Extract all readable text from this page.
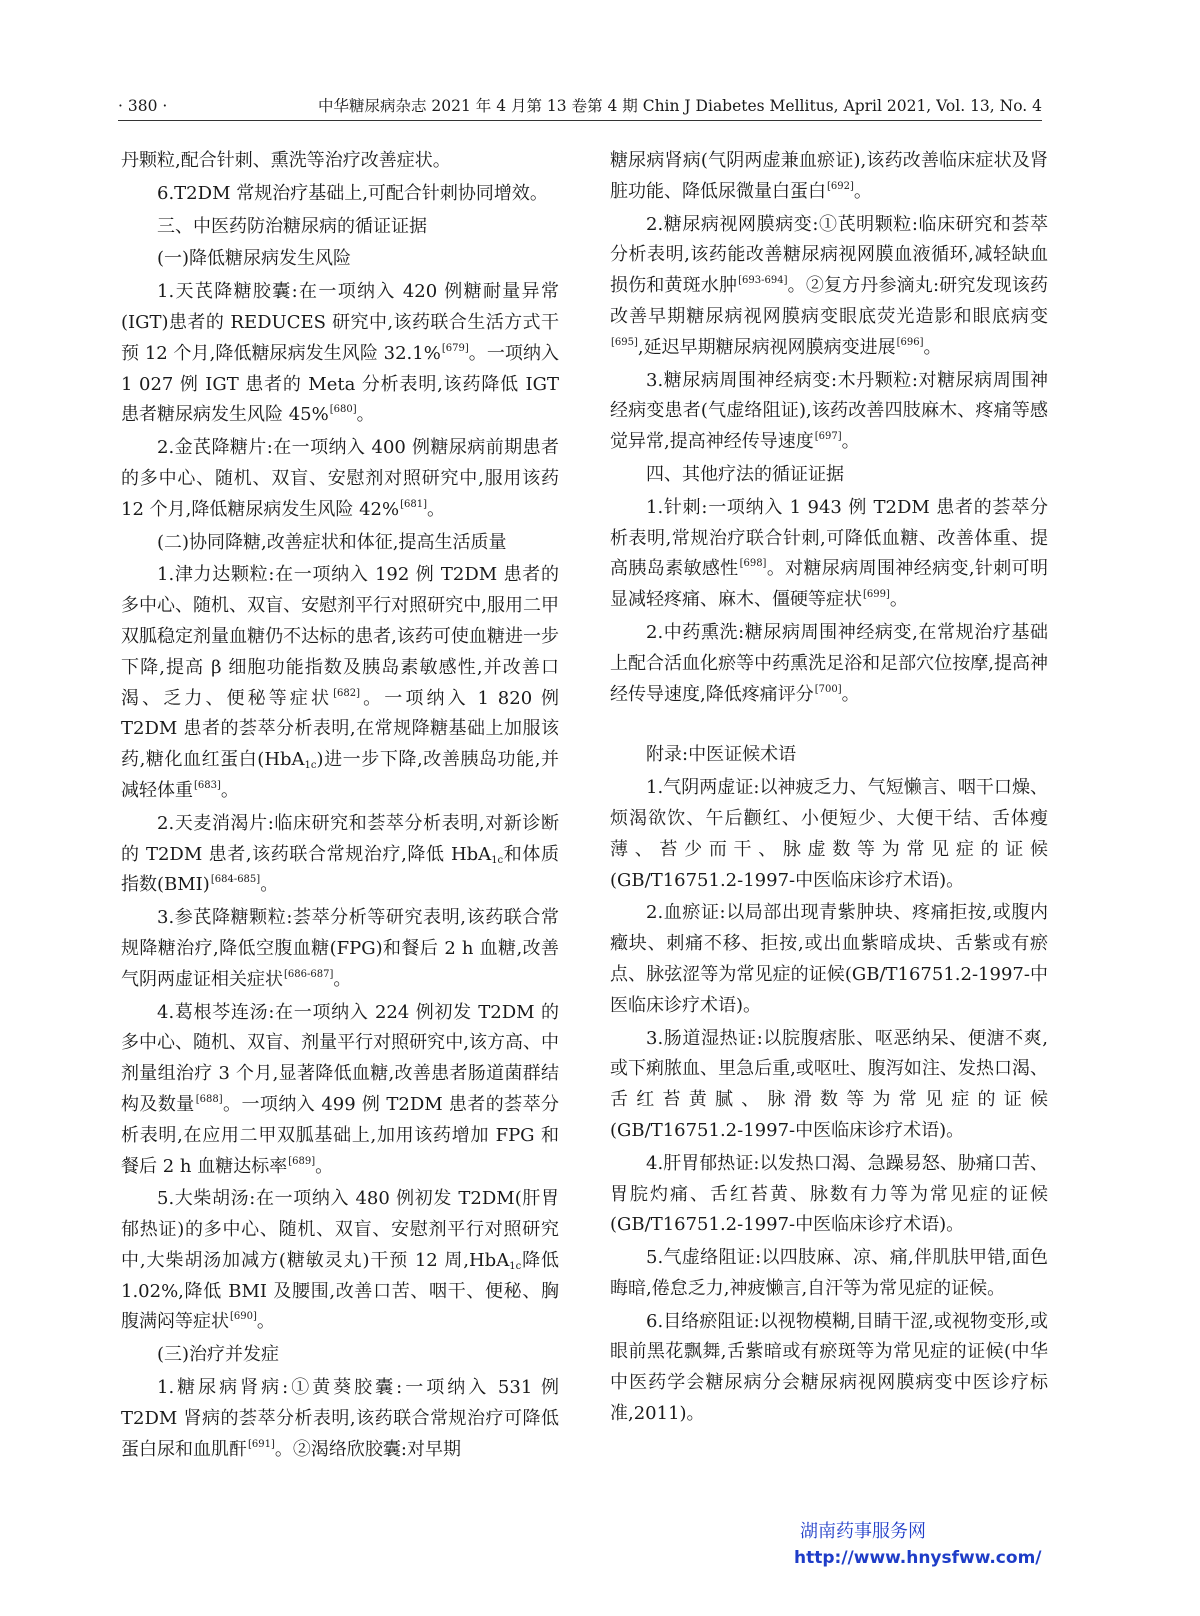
· 380 ·	中华糖尿病杂志 2021 年 4 月第 13 卷第 4 期 Chin J Diabetes Mellitus, April 2021, Vol. 13, No. 4

丹颗粒,配合针刺、熏洗等治疗改善症状。

6.T2DM 常规治疗基础上,可配合针刺协同增效。

三、中医药防治糖尿病的循证证据

(一)降低糖尿病发生风险

1.天芪降糖胶囊:在一项纳入 420 例糖耐量异常(IGT)患者的 REDUCES 研究中,该药联合生活方式干预 12 个月,降低糖尿病发生风险 32.1%[679]。一项纳入 1 027 例 IGT 患者的 Meta 分析表明,该药降低 IGT 患者糖尿病发生风险 45%[680]。

2.金芪降糖片:在一项纳入 400 例糖尿病前期患者的多中心、随机、双盲、安慰剂对照研究中,服用该药 12 个月,降低糖尿病发生风险 42%[681]。

(二)协同降糖,改善症状和体征,提高生活质量

1.津力达颗粒:在一项纳入 192 例 T2DM 患者的多中心、随机、双盲、安慰剂平行对照研究中,服用二甲双胍稳定剂量血糖仍不达标的患者,该药可使血糖进一步下降,提高 β 细胞功能指数及胰岛素敏感性,并改善口渴、乏力、便秘等症状[682]。一项纳入 1 820 例 T2DM 患者的荟萃分析表明,在常规降糖基础上加服该药,糖化血红蛋白(HbA$_{1c}$)进一步下降,改善胰岛功能,并减轻体重[683]。

2.天麦消渴片:临床研究和荟萃分析表明,对新诊断的 T2DM 患者,该药联合常规治疗,降低 HbA$_{1c}$和体质指数(BMI)[684-685]。

3.参芪降糖颗粒:荟萃分析等研究表明,该药联合常规降糖治疗,降低空腹血糖(FPG)和餐后 2 h 血糖,改善气阴两虚证相关症状[686-687]。

4.葛根芩连汤:在一项纳入 224 例初发 T2DM 的多中心、随机、双盲、剂量平行对照研究中,该方高、中剂量组治疗 3 个月,显著降低血糖,改善患者肠道菌群结构及数量[688]。一项纳入 499 例 T2DM 患者的荟萃分析表明,在应用二甲双胍基础上,加用该药增加 FPG 和餐后 2 h 血糖达标率[689]。

5.大柴胡汤:在一项纳入 480 例初发 T2DM(肝胃郁热证)的多中心、随机、双盲、安慰剂平行对照研究中,大柴胡汤加减方(糖敏灵丸)干预 12 周,HbA$_{1c}$降低 1.02%,降低 BMI 及腰围,改善口苦、咽干、便秘、胸腹满闷等症状[690]。

(三)治疗并发症

1.糖尿病肾病:①黄葵胶囊:一项纳入 531 例 T2DM 肾病的荟萃分析表明,该药联合常规治疗可降低蛋白尿和血肌酐[691]。②渴络欣胶囊:对早期

糖尿病肾病(气阴两虚兼血瘀证),该药改善临床症状及肾脏功能、降低尿微量白蛋白[692]。

2.糖尿病视网膜病变:①芪明颗粒:临床研究和荟萃分析表明,该药能改善糖尿病视网膜血液循环,减轻缺血损伤和黄斑水肿[693-694]。②复方丹参滴丸:研究发现该药改善早期糖尿病视网膜病变眼底荧光造影和眼底病变[695],延迟早期糖尿病视网膜病变进展[696]。

3.糖尿病周围神经病变:木丹颗粒:对糖尿病周围神经病变患者(气虚络阻证),该药改善四肢麻木、疼痛等感觉异常,提高神经传导速度[697]。

四、其他疗法的循证证据

1.针刺:一项纳入 1 943 例 T2DM 患者的荟萃分析表明,常规治疗联合针刺,可降低血糖、改善体重、提高胰岛素敏感性[698]。对糖尿病周围神经病变,针刺可明显减轻疼痛、麻木、僵硬等症状[699]。

2.中药熏洗:糖尿病周围神经病变,在常规治疗基础上配合活血化瘀等中药熏洗足浴和足部穴位按摩,提高神经传导速度,降低疼痛评分[700]。

附录:中医证候术语

1.气阴两虚证:以神疲乏力、气短懒言、咽干口燥、烦渴欲饮、午后颧红、小便短少、大便干结、舌体瘦薄、苔少而干、脉虚数等为常见症的证候(GB/T16751.2-1997-中医临床诊疗术语)。

2.血瘀证:以局部出现青紫肿块、疼痛拒按,或腹内癥块、刺痛不移、拒按,或出血紫暗成块、舌紫或有瘀点、脉弦涩等为常见症的证候(GB/T16751.2-1997-中医临床诊疗术语)。

3.肠道湿热证:以脘腹痞胀、呕恶纳呆、便溏不爽,或下痢脓血、里急后重,或呕吐、腹泻如注、发热口渴、舌红苔黄腻、脉滑数等为常见症的证候(GB/T16751.2-1997-中医临床诊疗术语)。

4.肝胃郁热证:以发热口渴、急躁易怒、胁痛口苦、胃脘灼痛、舌红苔黄、脉数有力等为常见症的证候(GB/T16751.2-1997-中医临床诊疗术语)。

5.气虚络阻证:以四肢麻、凉、痛,伴肌肤甲错,面色晦暗,倦怠乏力,神疲懒言,自汗等为常见症的证候。

6.目络瘀阻证:以视物模糊,目睛干涩,或视物变形,或眼前黑花飘舞,舌紫暗或有瘀斑等为常见症的证候(中华中医药学会糖尿病分会糖尿病视网膜病变中医诊疗标准,2011)。

湖南药事服务网
http://www.hnysfww.com/
